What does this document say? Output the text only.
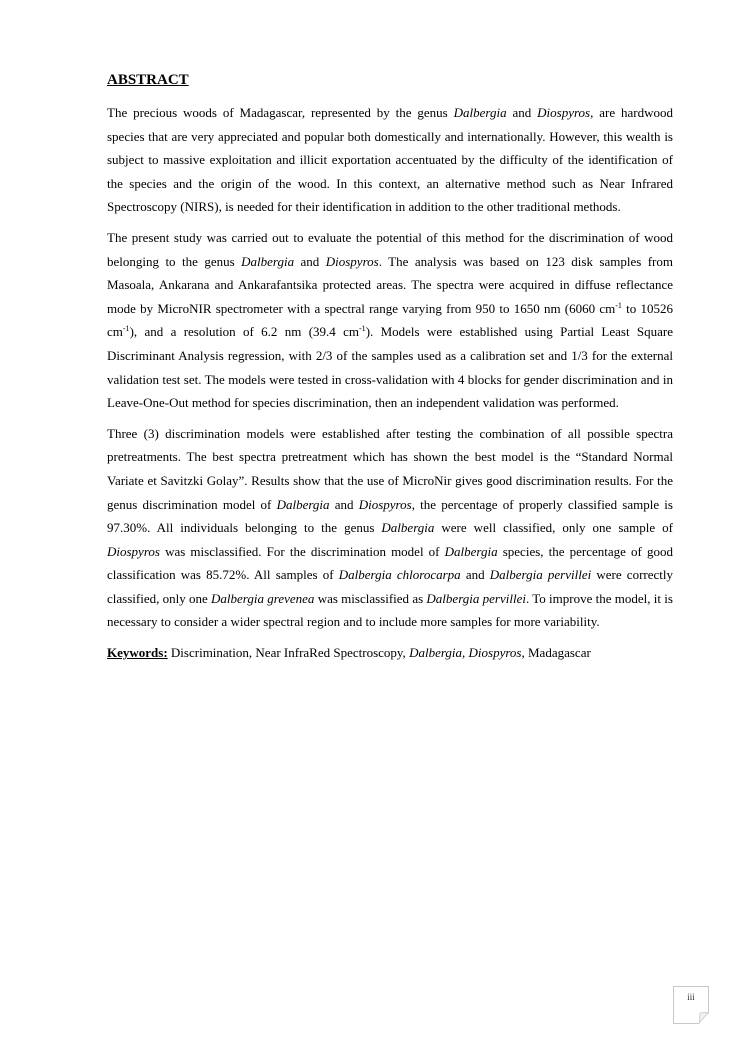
ABSTRACT

The precious woods of Madagascar, represented by the genus Dalbergia and Diospyros, are hardwood species that are very appreciated and popular both domestically and internationally. However, this wealth is subject to massive exploitation and illicit exportation accentuated by the difficulty of the identification of the species and the origin of the wood. In this context, an alternative method such as Near Infrared Spectroscopy (NIRS), is needed for their identification in addition to the other traditional methods.

The present study was carried out to evaluate the potential of this method for the discrimination of wood belonging to the genus Dalbergia and Diospyros. The analysis was based on 123 disk samples from Masoala, Ankarana and Ankarafantsika protected areas. The spectra were acquired in diffuse reflectance mode by MicroNIR spectrometer with a spectral range varying from 950 to 1650 nm (6060 $cm^{-1}$ to 10526 $cm^{-1}$), and a resolution of 6.2 nm (39.4 $cm^{-1}$). Models were established using Partial Least Square Discriminant Analysis regression, with 2/3 of the samples used as a calibration set and 1/3 for the external validation test set. The models were tested in cross-validation with 4 blocks for gender discrimination and in Leave-One-Out method for species discrimination, then an independent validation was performed.

Three (3) discrimination models were established after testing the combination of all possible spectra pretreatments. The best spectra pretreatment which has shown the best model is the “Standard Normal Variate et Savitzki Golay”. Results show that the use of MicroNir gives good discrimination results. For the genus discrimination model of Dalbergia and Diospyros, the percentage of properly classified sample is 97.30%. All individuals belonging to the genus Dalbergia were well classified, only one sample of Diospyros was misclassified. For the discrimination model of Dalbergia species, the percentage of good classification was 85.72%. All samples of Dalbergia chlorocarpa and Dalbergia pervillei were correctly classified, only one Dalbergia grevenea was misclassified as Dalbergia pervillei. To improve the model, it is necessary to consider a wider spectral region and to include more samples for more variability.

Keywords: Discrimination, Near InfraRed Spectroscopy, Dalbergia, Diospyros, Madagascar
iii
